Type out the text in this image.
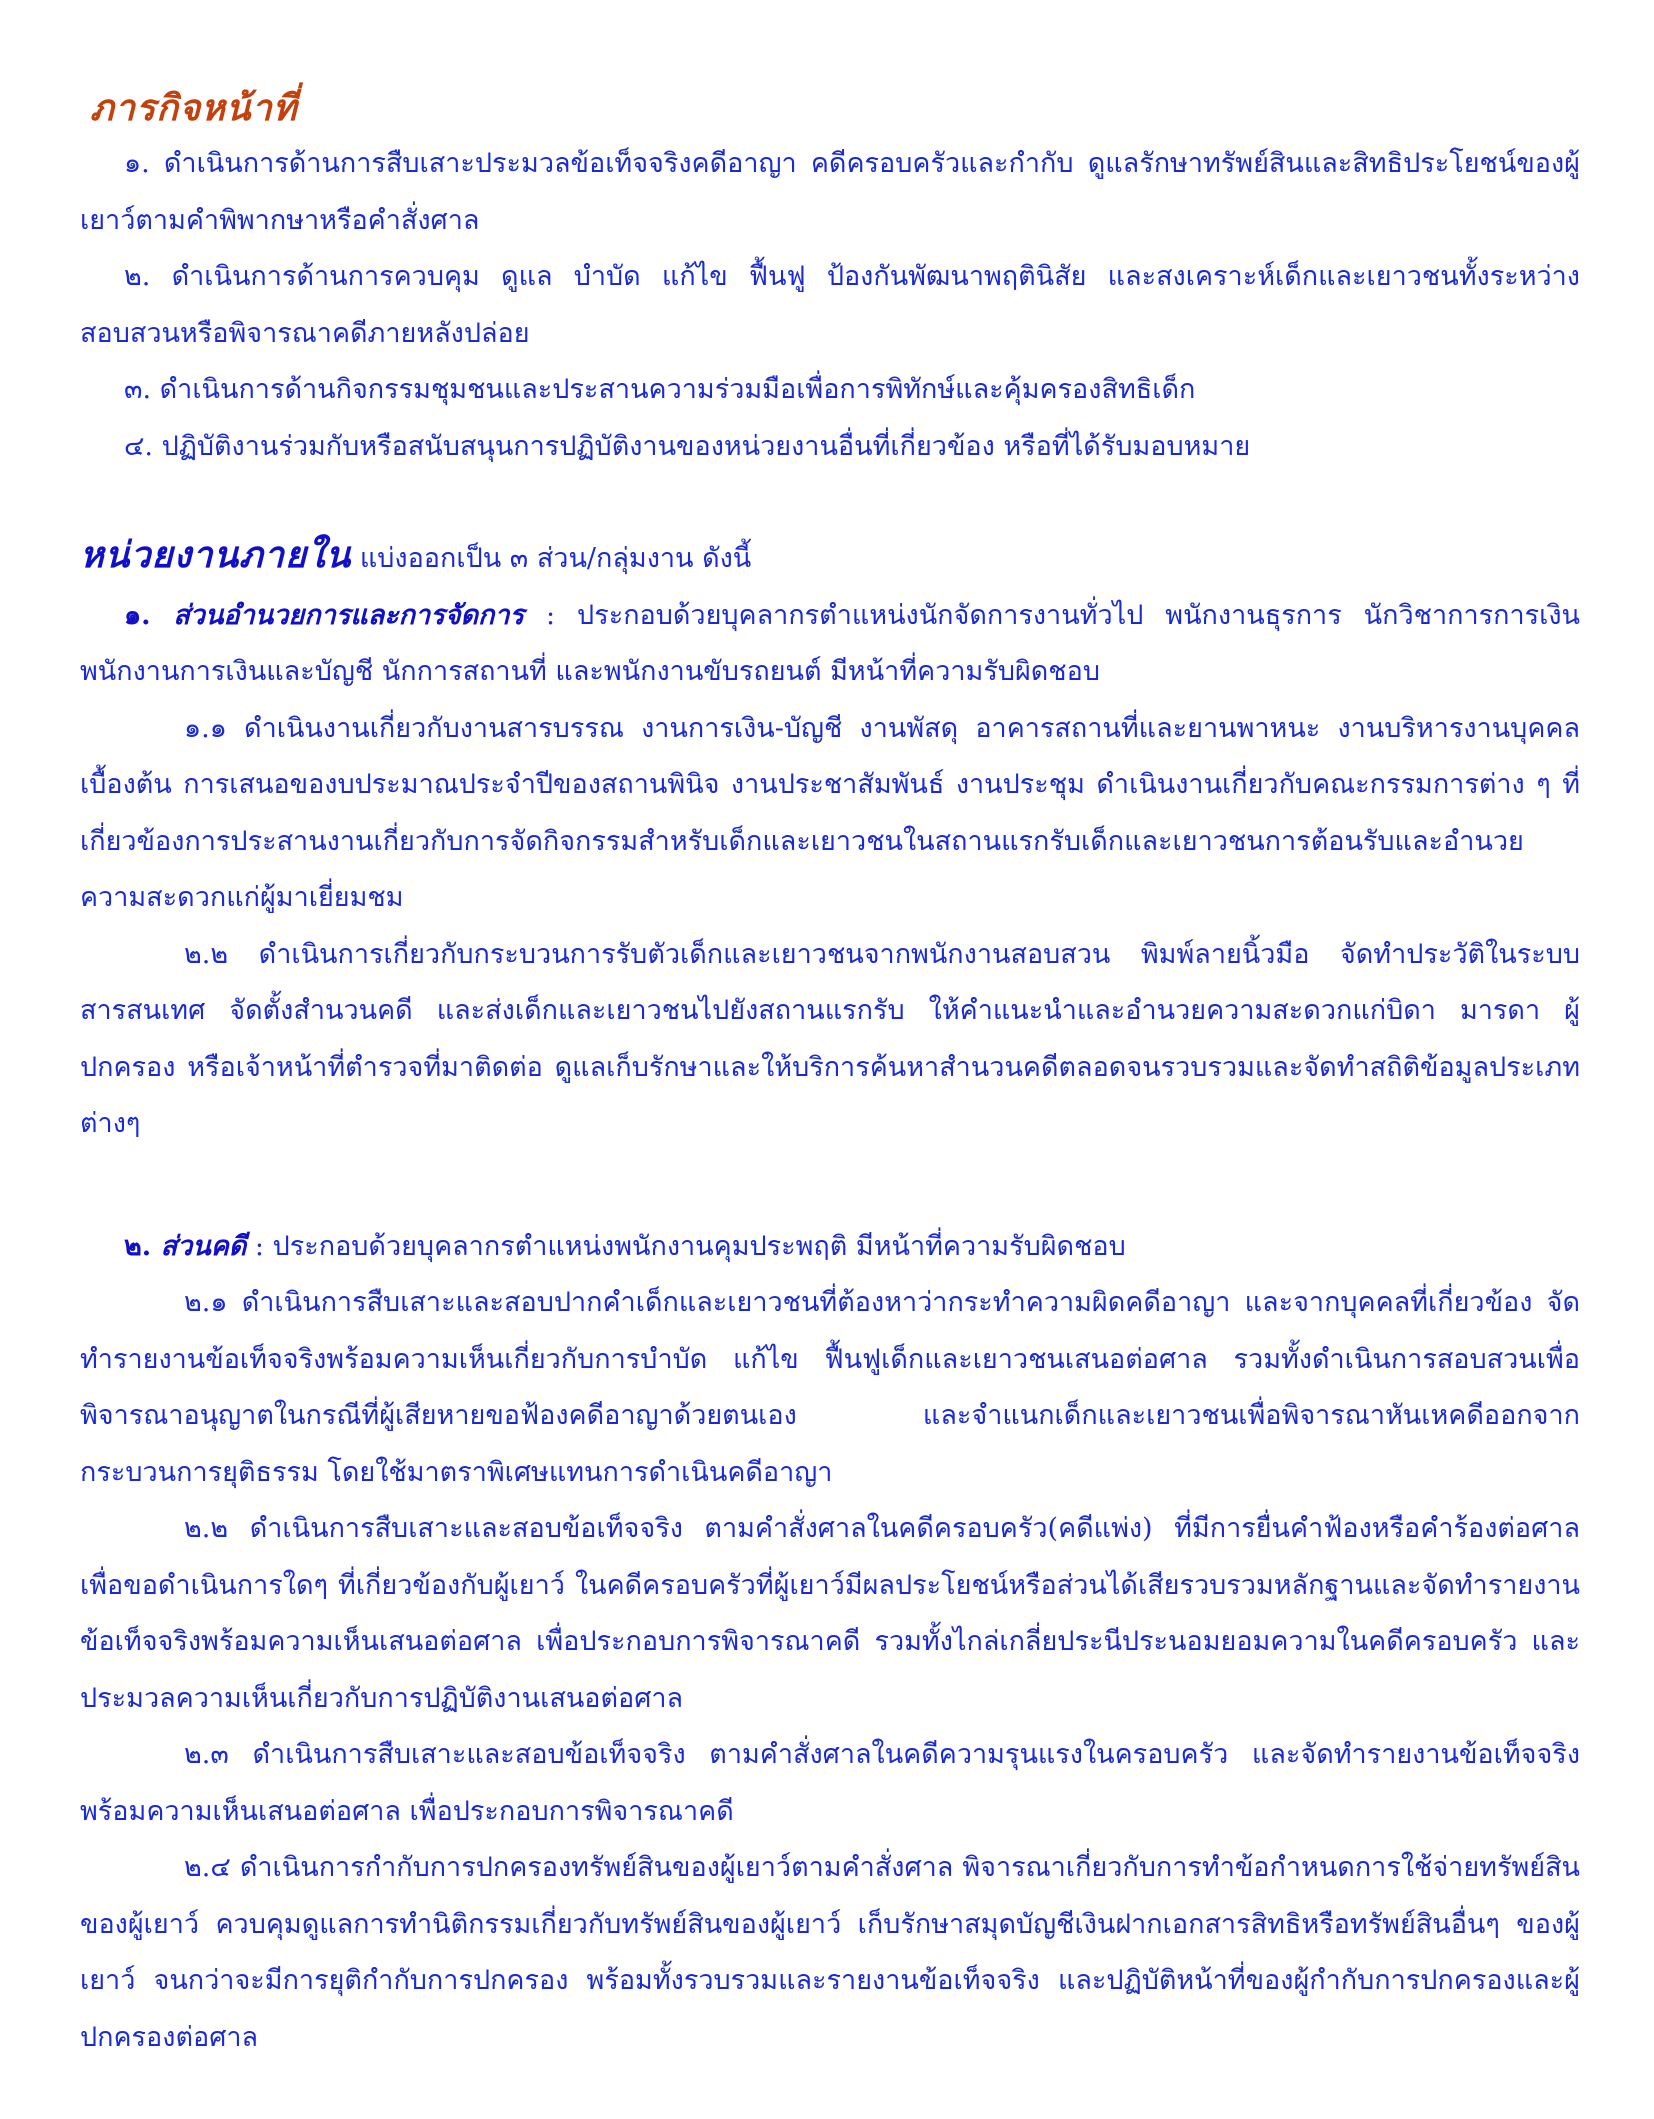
ภารกิจหน้าที่

๑. ดำเนินการด้านการสืบเสาะประมวลข้อเท็จจริงคดีอาญา คดีครอบครัวและกำกับ ดูแลรักษาทรัพย์สินและสิทธิประโยชน์ของผู้เยาว์ตามคำพิพากษาหรือคำสั่งศาล

๒. ดำเนินการด้านการควบคุม ดูแล บำบัด แก้ไข ฟื้นฟู ป้องกันพัฒนาพฤตินิสัย และสงเคราะห์เด็กและเยาวชนทั้งระหว่างสอบสวนหรือพิจารณาคดีภายหลังปล่อย

๓. ดำเนินการด้านกิจกรรมชุมชนและประสานความร่วมมือเพื่อการพิทักษ์และคุ้มครองสิทธิเด็ก

๔. ปฏิบัติงานร่วมกับหรือสนับสนุนการปฏิบัติงานของหน่วยงานอื่นที่เกี่ยวข้อง หรือที่ได้รับมอบหมาย

หน่วยงานภายใน แบ่งออกเป็น ๓ ส่วน/กลุ่มงาน ดังนี้

๑. ส่วนอำนวยการและการจัดการ : ประกอบด้วยบุคลากรตำแหน่งนักจัดการงานทั่วไป พนักงานธุรการ นักวิชาการการเงิน พนักงานการเงินและบัญชี นักการสถานที่ และพนักงานขับรถยนต์ มีหน้าที่ความรับผิดชอบ

๑.๑ ดำเนินงานเกี่ยวกับงานสารบรรณ งานการเงิน-บัญชี งานพัสดุ อาคารสถานที่และยานพาหนะ งานบริหารงานบุคคลเบื้องต้น การเสนอของบประมาณประจำปีของสถานพินิจ งานประชาสัมพันธ์ งานประชุม ดำเนินงานเกี่ยวกับคณะกรรมการต่าง ๆ ที่เกี่ยวข้องการประสานงานเกี่ยวกับการจัดกิจกรรมสำหรับเด็กและเยาวชนในสถานแรกรับเด็กและเยาวชนการต้อนรับและอำนวยความสะดวกแก่ผู้มาเยี่ยมชม

๒.๒ ดำเนินการเกี่ยวกับกระบวนการรับตัวเด็กและเยาวชนจากพนักงานสอบสวน พิมพ์ลายนิ้วมือ จัดทำประวัติในระบบสารสนเทศ จัดตั้งสำนวนคดี และส่งเด็กและเยาวชนไปยังสถานแรกรับ ให้คำแนะนำและอำนวยความสะดวกแก่บิดา มารดา ผู้ปกครอง หรือเจ้าหน้าที่ตำรวจที่มาติดต่อ ดูแลเก็บรักษาและให้บริการค้นหาสำนวนคดีตลอดจนรวบรวมและจัดทำสถิติข้อมูลประเภทต่างๆ

๒. ส่วนคดี : ประกอบด้วยบุคลากรตำแหน่งพนักงานคุมประพฤติ มีหน้าที่ความรับผิดชอบ

๒.๑ ดำเนินการสืบเสาะและสอบปากคำเด็กและเยาวชนที่ต้องหาว่ากระทำความผิดคดีอาญา และจากบุคคลที่เกี่ยวข้อง จัดทำรายงานข้อเท็จจริงพร้อมความเห็นเกี่ยวกับการบำบัด แก้ไข ฟื้นฟูเด็กและเยาวชนเสนอต่อศาล รวมทั้งดำเนินการสอบสวนเพื่อพิจารณาอนุญาตในกรณีที่ผู้เสียหายขอฟ้องคดีอาญาด้วยตนเอง และจำแนกเด็กและเยาวชนเพื่อพิจารณาหันเหคดีออกจากกระบวนการยุติธรรม โดยใช้มาตราพิเศษแทนการดำเนินคดีอาญา

๒.๒ ดำเนินการสืบเสาะและสอบข้อเท็จจริง ตามคำสั่งศาลในคดีครอบครัว(คดีแพ่ง) ที่มีการยื่นคำฟ้องหรือคำร้องต่อศาล เพื่อขอดำเนินการใดๆ ที่เกี่ยวข้องกับผู้เยาว์ ในคดีครอบครัวที่ผู้เยาว์มีผลประโยชน์หรือส่วนได้เสียรวบรวมหลักฐานและจัดทำรายงานข้อเท็จจริงพร้อมความเห็นเสนอต่อศาล เพื่อประกอบการพิจารณาคดี รวมทั้งไกล่เกลี่ยประนีประนอมยอมความในคดีครอบครัว และประมวลความเห็นเกี่ยวกับการปฏิบัติงานเสนอต่อศาล

๒.๓ ดำเนินการสืบเสาะและสอบข้อเท็จจริง ตามคำสั่งศาลในคดีความรุนแรงในครอบครัว และจัดทำรายงานข้อเท็จจริงพร้อมความเห็นเสนอต่อศาล เพื่อประกอบการพิจารณาคดี

๒.๔ ดำเนินการกำกับการปกครองทรัพย์สินของผู้เยาว์ตามคำสั่งศาล พิจารณาเกี่ยวกับการทำข้อกำหนดการใช้จ่ายทรัพย์สินของผู้เยาว์ ควบคุมดูแลการทำนิติกรรมเกี่ยวกับทรัพย์สินของผู้เยาว์ เก็บรักษาสมุดบัญชีเงินฝากเอกสารสิทธิหรือทรัพย์สินอื่นๆ ของผู้เยาว์ จนกว่าจะมีการยุติกำกับการปกครอง พร้อมทั้งรวบรวมและรายงานข้อเท็จจริง และปฏิบัติหน้าที่ของผู้กำกับการปกครองและผู้ปกครองต่อศาล
